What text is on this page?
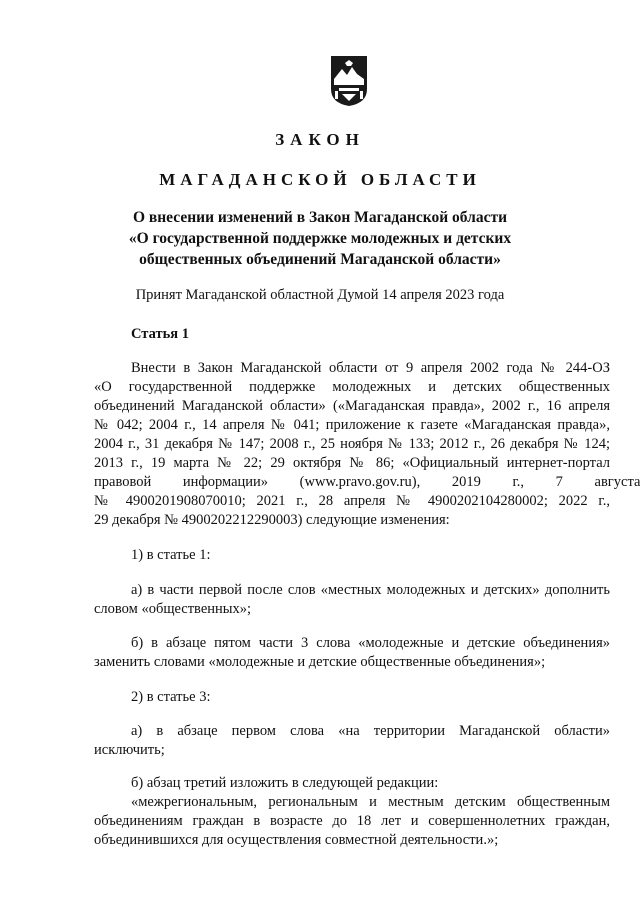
ЗАКОН
МАГАДАНСКОЙ ОБЛАСТИ
О внесении изменений в Закон Магаданской области
«О государственной поддержке молодежных и детских
общественных объединений Магаданской области»
Принят Магаданской областной Думой 14 апреля 2023 года
Статья 1
Внести в Закон Магаданской области от 9 апреля 2002 года № 244-ОЗ
«О государственной поддержке молодежных и детских общественных
объединений Магаданской области» («Магаданская правда», 2002 г., 16 апреля
№ 042; 2004 г., 14 апреля № 041; приложение к газете «Магаданская правда»,
2004 г., 31 декабря № 147; 2008 г., 25 ноября № 133; 2012 г., 26 декабря № 124;
2013 г., 19 марта № 22; 29 октября № 86; «Официальный интернет-портал
правовой информации» (www.pravo.gov.ru), 2019 г., 7 августа
№ 4900201908070010; 2021 г., 28 апреля № 4900202104280002; 2022 г.,
29 декабря № 4900202212290003) следующие изменения:
1) в статье 1:
а) в части первой после слов «местных молодежных и детских» дополнить
словом «общественных»;
б) в абзаце пятом части 3 слова «молодежные и детские объединения»
заменить словами «молодежные и детские общественные объединения»;
2) в статье 3:
а) в абзаце первом слова «на территории Магаданской области»
исключить;
б) абзац третий изложить в следующей редакции:
«межрегиональным, региональным и местным детским общественным
объединениям граждан в возрасте до 18 лет и совершеннолетних граждан,
объединившихся для осуществления совместной деятельности.»;
